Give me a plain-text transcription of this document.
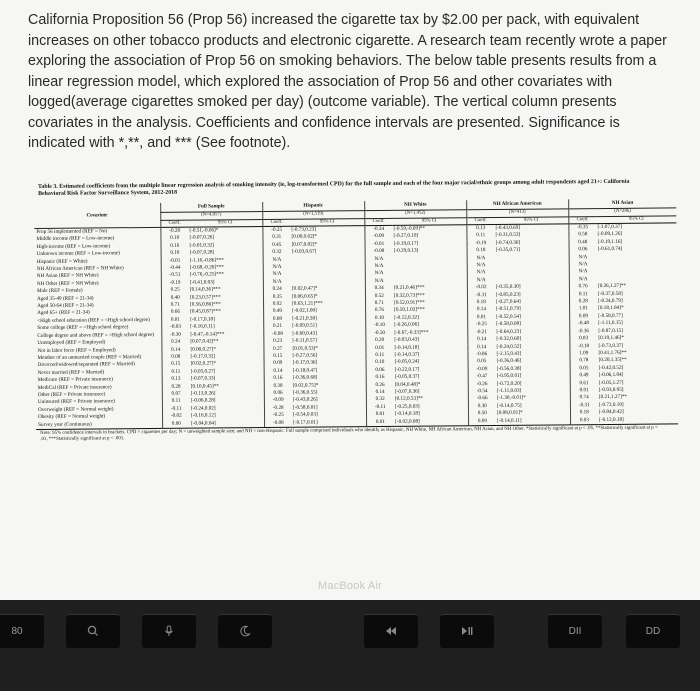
California Proposition 56 (Prop 56) increased the cigarette tax by $2.00 per pack, with equivalent increases on other tobacco products and electronic cigarette. A research team recently wrote a paper exploring the association of Prop 56 on smoking behaviors. The below table presents results from a linear regression model, which explored the association of Prop 56 and other covariates with logged(average cigarettes smoked per day) (outcome variable). The vertical column presents covariates in the analysis. Coefficients and confidence intervals are presented. Significance is indicated with *,**, and *** (See footnote).
Table 3. Estimated coefficients from the multiple linear regression analysis of smoking intensity (ie, log-transformed CPD) for the full sample and each of the four major racial/ethnic groups among adult respondents aged 21+: California Behavioral Risk Factor Surveillance System, 2012-2018
Covariate	Full Sample		Hispanic		NH White		NH African American		NH Asian	
	(N=4,057)		(N=1,519)		(N=1,452)		(N=413)		(N=286)	
	Coeff.	95% CI	Coeff.	95% CI	Coeff.	95% CI	Coeff.	95% CI	Coeff.	95% CI
Prop 56 implemented (REF = No)	-0.28	[-0.51,-0.06]*	-0.25	[-0.73,0.23]	-0.34	[-0.59,-0.09]**	0.13	[-0.43,0.69]	-0.35	[-1.07,0.37]
Middle income (REF = Low-income)	0.10	[-0.07,0.26]	0.31	[0.00,0.62]*	-0.09	[-0.27,0.10]	0.11	[-0.31,0.53]	0.58	[-0.09,1.26]
High-income (REF = Low-income)	0.16	[-0.01,0.32]	0.45	[0.07,0.82]*	-0.01	[-0.19,0.17]	-0.19	[-0.74,0.36]	0.48	[-0.19,1.16]
Unknown income (REF = Low-income)	0.10	[-0.07,0.28]	0.32	[-0.03,0.67]	-0.08	[-0.29,0.13]	0.18	[-0.35,0.71]	0.06	[-0.61,0.74]
Hispanic (REF = White)	-0.01	[-1.16,-0.86]***	N/A		N/A		N/A		N/A	
NH African American (REF = NH White)	-0.44	[-0.68,-0.20]***	N/A		N/A		N/A		N/A	
NH Asian (REF = NH White)	-0.51	[-0.76,-0.25]***	N/A		N/A		N/A		N/A	
NH Other (REF = NH White)	-0.19	[-0.41,0.03]	N/A		N/A		N/A		N/A	
Male (REF = Female)	0.25	[0.14,0.36]***	0.24	[0.02,0.47]*	0.34	[0.21,0.46]***	-0.02	[-0.35,0.30]	0.76	[0.26,1.27]**
Aged 35-49 (REF = 21-34)	0.40	[0.23,0.57]***	0.35	[0.06,0.65]*	0.52	[0.32,0.73]***	-0.31	[-0.85,0.23]	0.11	[-0.37,0.58]
Aged 50-64 (REF = 21-34)	0.71	[0.56,0.86]***	0.92	[0.63,1.21]***	0.71	[0.52,0.91]***	0.18	[-0.27,0.64]	0.28	[-0.24,0.79]
Aged 65+ (REF = 21-34)	0.66	[0.45,0.87]***	0.49	[-0.02,1.00]	0.76	[0.50,1.02]***	0.14	[-0.51,0.79]	1.01	[0.18,1.84]*
<High school education (REF = <High school degree)	0.01	[-0.17,0.18]	0.08	[-0.21,0.38]	0.10	[-0.12,0.32]	0.01	[-0.52,0.54]	0.09	[-0.58,0.77]
Some college (REF = <High school degree)	-0.03	[-0.16,0.11]	0.21	[-0.09,0.51]	-0.10	[-0.26,0.06]	-0.25	[-0.58,0.08]	-0.48	[-1.11,0.15]
College degree and above (REF = <High school degree)	-0.30	[-0.47,-0.14]***	-0.08	[-0.60,0.43]	-0.50	[-0.67,-0.33]***	-0.21	[-0.64,0.23]	-0.36	[-0.87,0.15]
Unemployed (REF = Employed)	0.24	[0.07,0.42]**	0.23	[-0.11,0.57]	0.20	[-0.03,0.43]	0.14	[-0.32,0.60]	0.83	[0.19,1.46]*
Not in labor force (REF = Employed)	0.14	[0.00,0.27]*	0.27	[0.01,0.53]*	0.01	[-0.14,0.18]	0.14	[-0.24,0.52]	-0.18	[-0.73,0.37]
Member of an unmarried couple (REF = Married)	0.08	[-0.17,0.32]	0.15	[-0.27,0.56]	0.11	[-0.14,0.37]	-0.86	[-2.15,0.43]	1.09	[0.41,1.76]**
Divorced/widowed/separated (REF = Married)	0.15	[0.02,0.27]*	0.09	[-0.17,0.36]	0.10	[-0.05,0.24]	0.05	[-0.36,0.46]	0.78	[0.20,1.35]**
Never married (REF = Married)	0.11	[-0.05,0.27]	0.14	[-0.18,0.47]	0.06	[-0.22,0.17]	-0.09	[-0.56,0.38]	0.05	[-0.42,0.52]
Medicare (REF = Private insurance)	0.13	[-0.07,0.33]	0.16	[-0.36,0.68]	0.16	[-0.05,0.37]	-0.47	[-0.95,0.01]	0.49	[-0.06,1.04]
MediCal (REF = Private insurance)	0.28	[0.10,0.45]**	0.38	[0.02,0.75]*	0.26	[0.04,0.48]*	-0.26	[-0.72,0.20]	0.61	[-0.05,1.27]
Other (REF = Private insurance)	0.07	[-0.13,0.26]	0.06	[-0.36,0.55]	0.14	[-0.07,0.36]	-0.54	[-1.11,0.03]	0.01	[-0.93,0.95]
Uninsured (REF = Private insurance)	0.11	[-0.06,0.28]	-0.09	[-0.43,0.26]	0.32	[0.12,0.53]**	-0.66	[-1.30,-0.01]*	0.74	[0.21,1.27]**
Overweight (REF = Normal weight)	-0.11	[-0.24,0.02]	-0.28	[-0.58,0.01]	-0.11	[-0.25,0.03]	0.30	[-0.14,0.75]	-0.31	[-0.72,0.10]
Obesity (REF = Normal weight)	-0.02	[-0.16,0.12]	-0.25	[-0.54,0.03]	0.01	[-0.14,0.18]	0.50	[0.08,0.91]*	0.18	[-0.84,0.42]
Survey year (Continuous)	0.00	[-0.04,0.04]	-0.08	[-0.17,0.01]	0.01	[-0.02,0.08]	0.09	[-0.14,0.11]	0.03	[-0.12,0.18]
Note. 95% confidence intervals in brackets. CPD = cigarettes per day; N = unweighted sample size; and NH = non-Hispanic. Full sample comprised individuals who identify as Hispanic, NH White, NH African American, NH Asian, and NH Other. *Statistically significant at p < .05, **Statistically significant at p < .01, ***Statistically significant at p < .001.
MacBook Air
80	DII	DD
